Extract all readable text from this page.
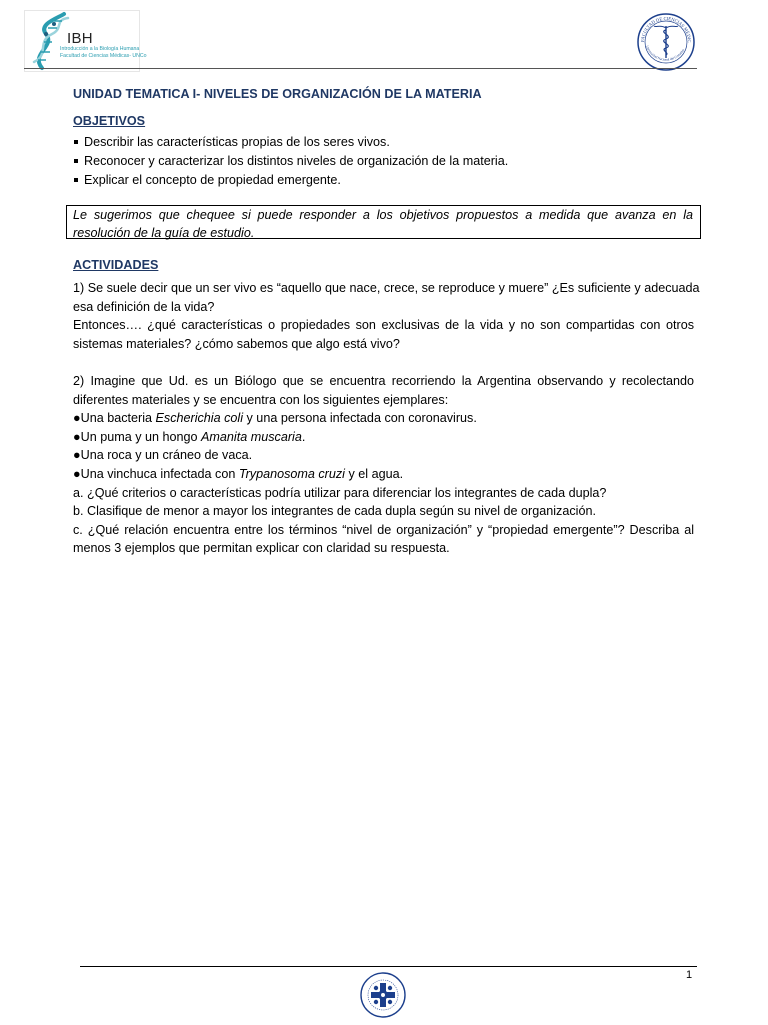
IBH
Introducción a la Biología Humana
Facultad de Ciencias Médicas- UNCo
FACULTAD DE CIENCIAS MÉDIC
Universidad Nacional del Comahue
UNIDAD TEMATICA I- NIVELES DE ORGANIZACIÓN DE LA MATERIA
OBJETIVOS
Describir las características propias de los seres vivos.
Reconocer y caracterizar los distintos niveles de organización de la materia.
Explicar el concepto de propiedad emergente.
Le sugerimos que chequee si puede responder a los objetivos propuestos a medida que avanza en la resolución de la guía de estudio.
ACTIVIDADES
1) Se suele decir que un ser vivo es “aquello que nace, crece, se reproduce y muere” ¿Es suficiente y adecuada
esa definición de la vida?
Entonces…. ¿qué características o propiedades son exclusivas de la vida y no son compartidas con otros
sistemas materiales? ¿cómo sabemos que algo está vivo?
2) Imagine que Ud. es un Biólogo que se encuentra recorriendo la Argentina observando y recolectando
diferentes materiales y se encuentra con los siguientes ejemplares:
●Una bacteria Escherichia coli y una persona infectada con coronavirus.
●Un puma y un hongo Amanita muscaria.
●Una roca y un cráneo de vaca.
●Una vinchuca infectada con Trypanosoma cruzi y el agua.
a. ¿Qué criterios o características podría utilizar para diferenciar los integrantes de cada dupla?
b. Clasifique de menor a mayor los integrantes de cada dupla según su nivel de organización.
c. ¿Qué relación encuentra entre los términos “nivel de organización” y “propiedad emergente”? Describa al
menos 3 ejemplos que permitan explicar con claridad su respuesta.
1
